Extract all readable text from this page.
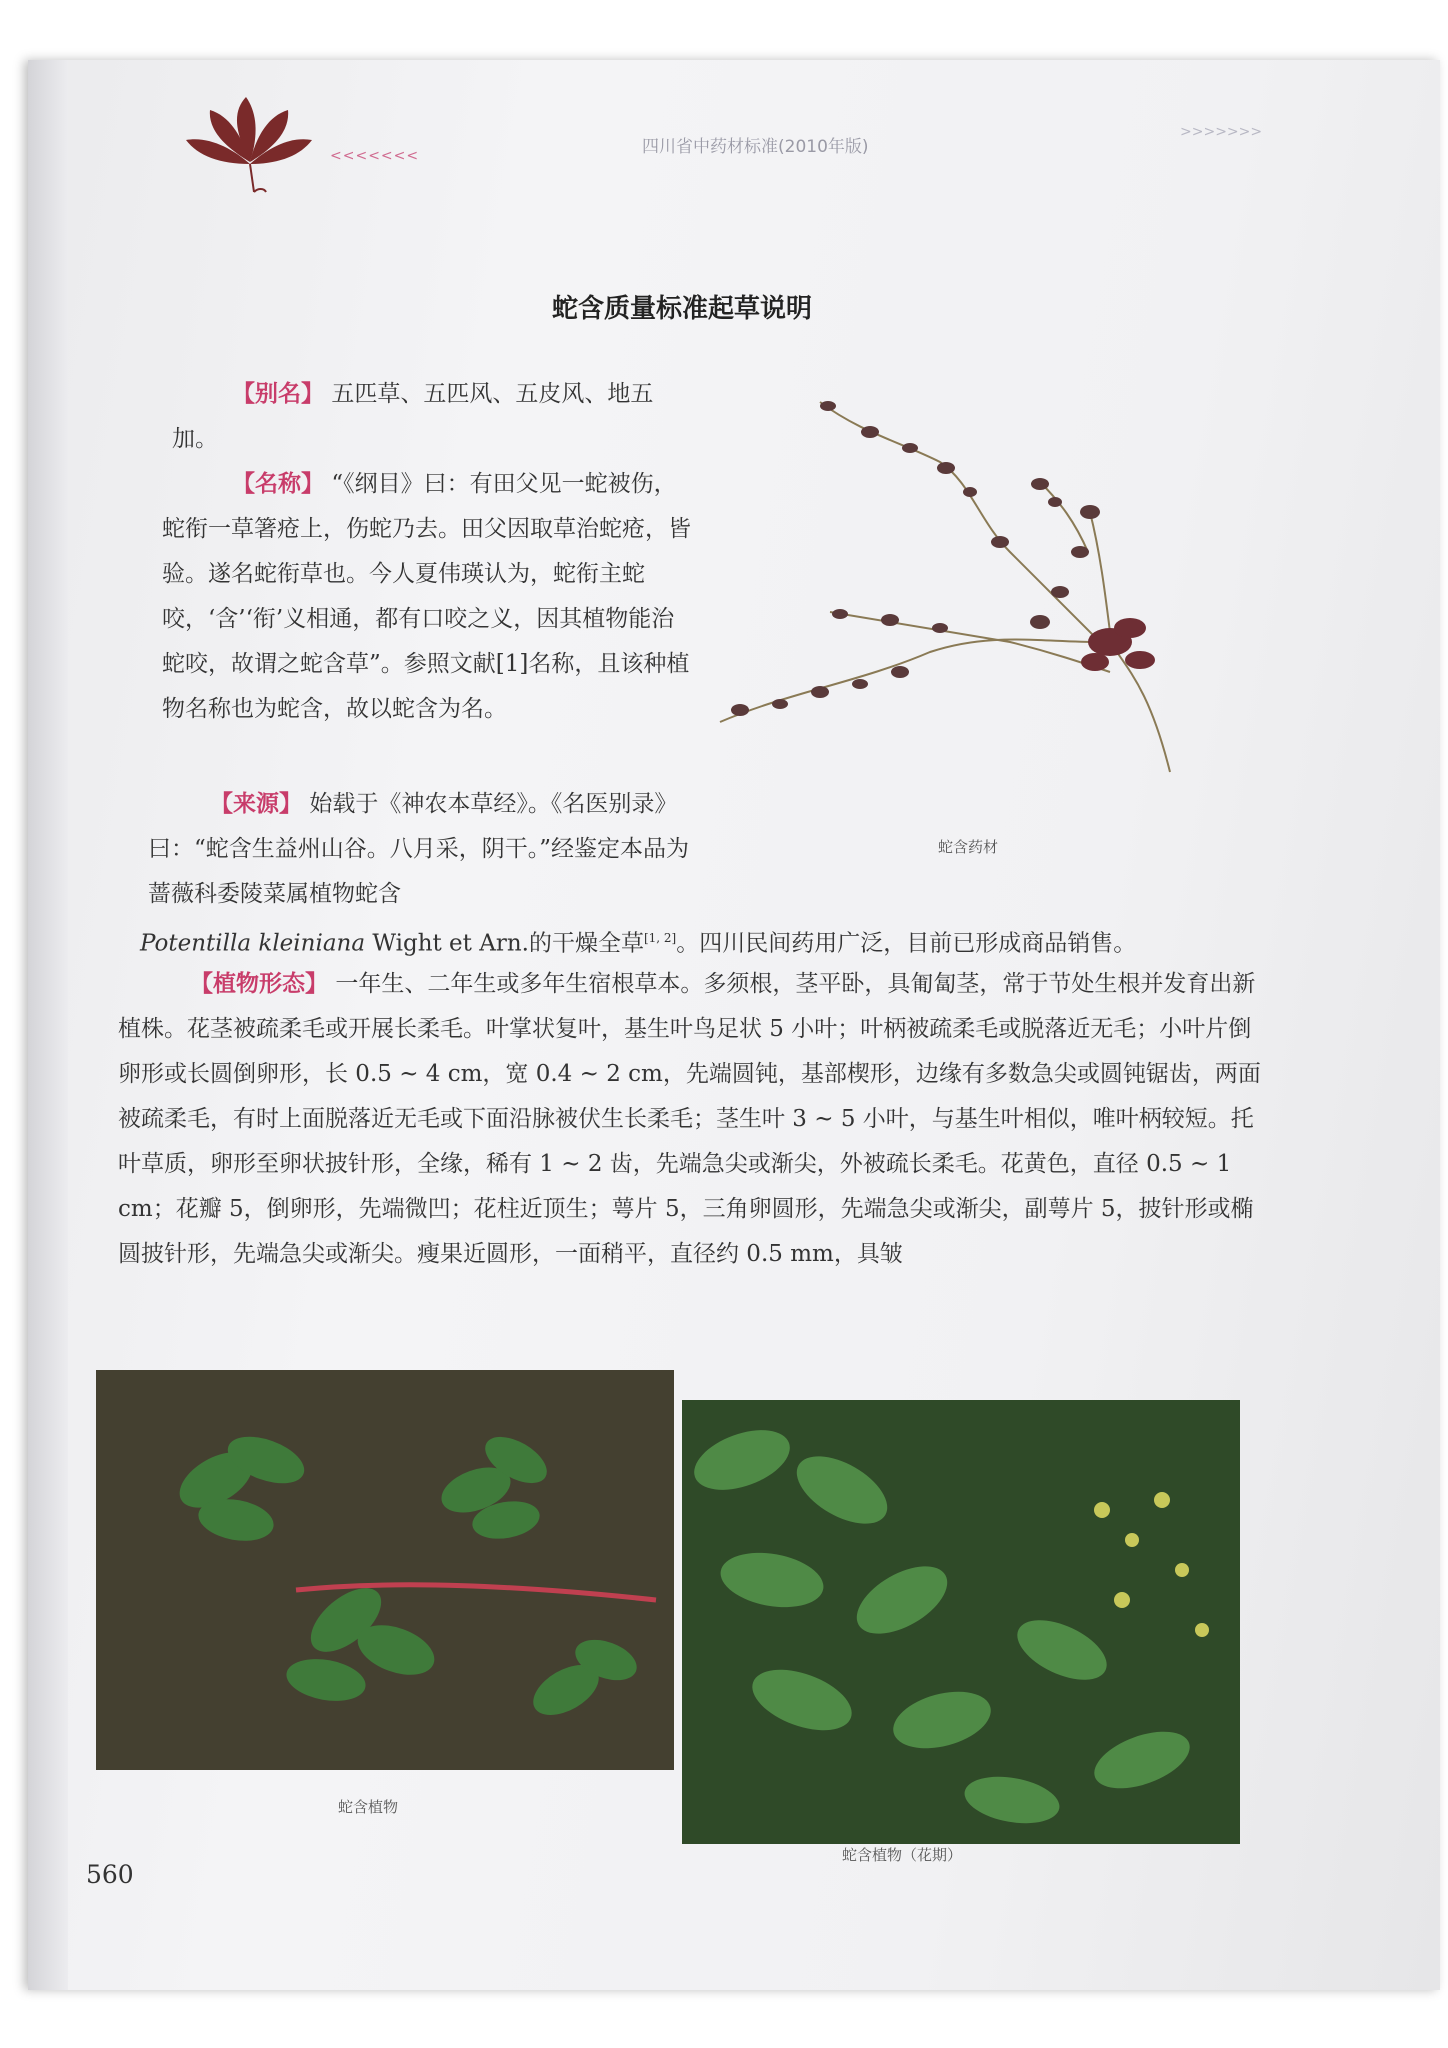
<<<<<<<	四川省中药材标准(2010年版)
>>>>>>>
蛇含质量标准起草说明
【别名】 五匹草、五匹风、五皮风、地五加。
【名称】 “《纲目》曰：有田父见一蛇被伤，蛇衔一草箸疮上，伤蛇乃去。田父因取草治蛇疮，皆验。遂名蛇衔草也。今人夏伟瑛认为，蛇衔主蛇咬，‘含’‘衔’义相通，都有口咬之义，因其植物能治蛇咬，故谓之蛇含草”。参照文献[1]名称，且该种植物名称也为蛇含，故以蛇含为名。
【来源】 始载于《神农本草经》。《名医别录》曰：“蛇含生益州山谷。八月采，阴干。”经鉴定本品为蔷薇科委陵菜属植物蛇含
Potentilla kleiniana Wight et Arn.的干燥全草[1, 2]。四川民间药用广泛，目前已形成商品销售。
【植物形态】 一年生、二年生或多年生宿根草本。多须根，茎平卧，具匍匐茎，常于节处生根并发育出新植株。花茎被疏柔毛或开展长柔毛。叶掌状复叶，基生叶鸟足状 5 小叶；叶柄被疏柔毛或脱落近无毛；小叶片倒卵形或长圆倒卵形，长 0.5 ~ 4 cm，宽 0.4 ~ 2 cm，先端圆钝，基部楔形，边缘有多数急尖或圆钝锯齿，两面被疏柔毛，有时上面脱落近无毛或下面沿脉被伏生长柔毛；茎生叶 3 ~ 5 小叶，与基生叶相似，唯叶柄较短。托叶草质，卵形至卵状披针形，全缘，稀有 1 ~ 2 齿，先端急尖或渐尖，外被疏长柔毛。花黄色，直径 0.5 ~ 1 cm；花瓣 5，倒卵形，先端微凹；花柱近顶生；萼片 5，三角卵圆形，先端急尖或渐尖，副萼片 5，披针形或椭圆披针形，先端急尖或渐尖。瘦果近圆形，一面稍平，直径约 0.5 mm，具皱
蛇含药材
蛇含植物
蛇含植物（花期）
560
